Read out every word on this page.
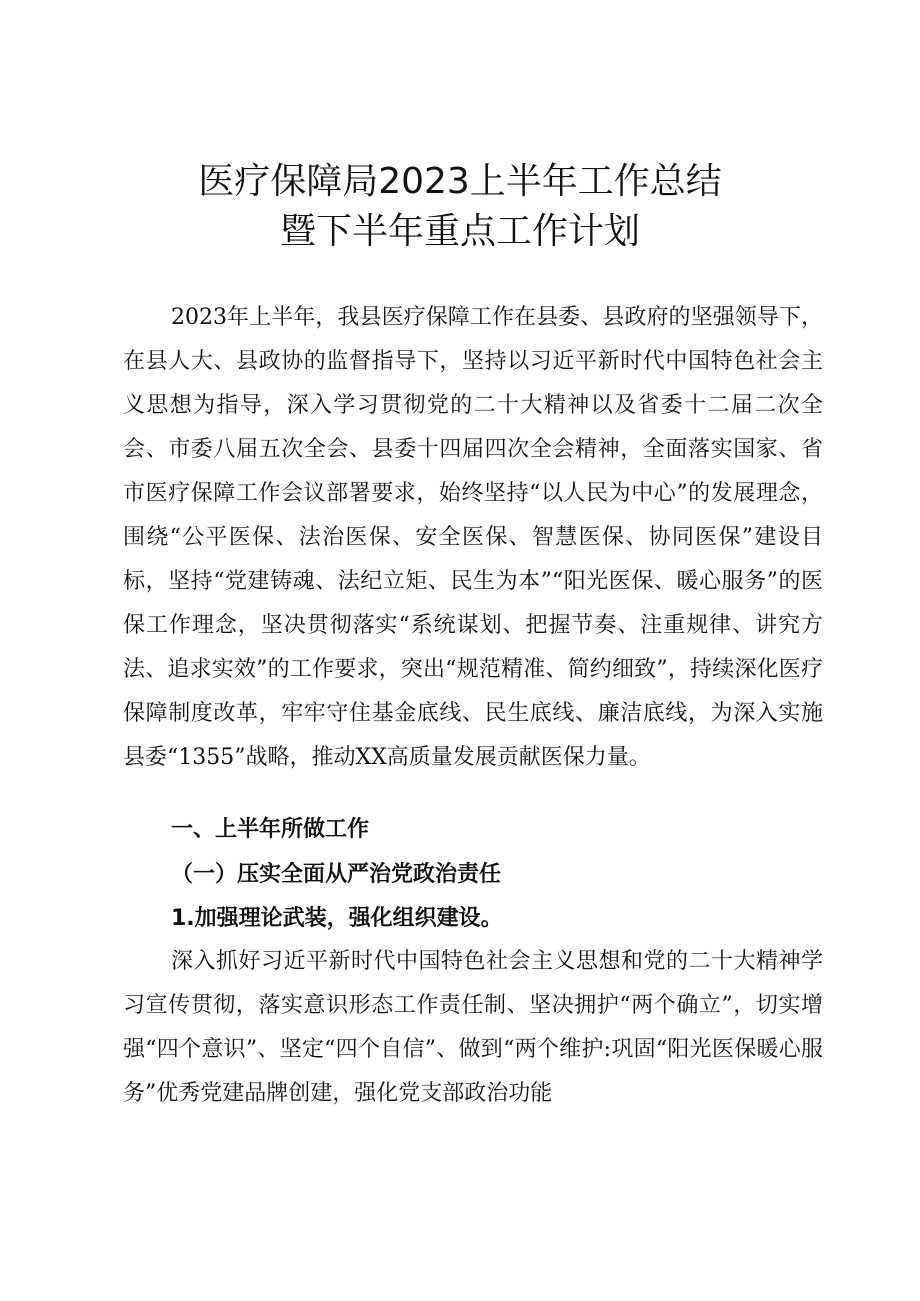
医疗保障局2023上半年工作总结
暨下半年重点工作计划
2023年上半年，我县医疗保障工作在县委、县政府的坚强领导下，在县人大、县政协的监督指导下，坚持以习近平新时代中国特色社会主义思想为指导，深入学习贯彻党的二十大精神以及省委十二届二次全会、市委八届五次全会、县委十四届四次全会精神，全面落实国家、省市医疗保障工作会议部署要求，始终坚持“以人民为中心”的发展理念，围绕“公平医保、法治医保、安全医保、智慧医保、协同医保”建设目标，坚持“党建铸魂、法纪立矩、民生为本”“阳光医保、暖心服务”的医保工作理念，坚决贯彻落实“系统谋划、把握节奏、注重规律、讲究方法、追求实效”的工作要求，突出“规范精准、简约细致”，持续深化医疗保障制度改革，牢牢守住基金底线、民生底线、廉洁底线，为深入实施县委“1355”战略，推动XX高质量发展贡献医保力量。
一、上半年所做工作
（一）压实全面从严治党政治责任
1.加强理论武装，强化组织建设。
深入抓好习近平新时代中国特色社会主义思想和党的二十大精神学习宣传贯彻，落实意识形态工作责任制、坚决拥护“两个确立”，切实增强“四个意识”、坚定“四个自信”、做到“两个维护:巩固“阳光医保暖心服务”优秀党建品牌创建，强化党支部政治功能
